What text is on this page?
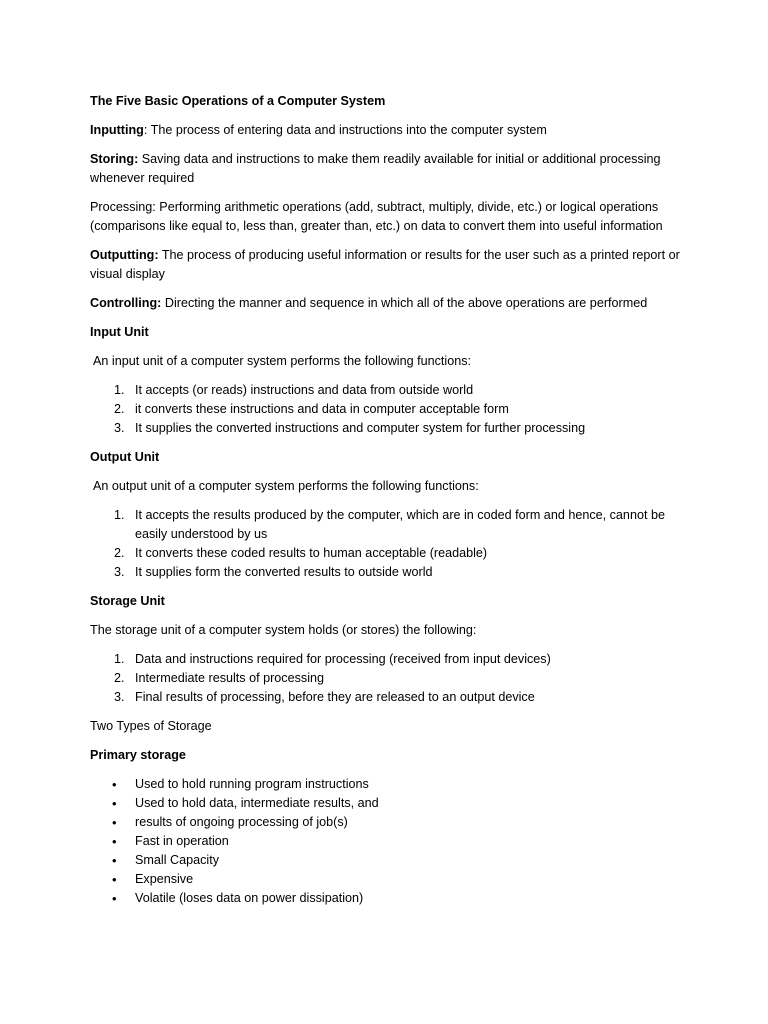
The Five Basic Operations of a Computer System

Inputting: The process of entering data and instructions into the computer system

Storing: Saving data and instructions to make them readily available for initial or additional processing whenever required

Processing: Performing arithmetic operations (add, subtract, multiply, divide, etc.) or logical operations (comparisons like equal to, less than, greater than, etc.) on data to convert them into useful information

Outputting: The process of producing useful information or results for the user such as a printed report or visual display

Controlling: Directing the manner and sequence in which all of the above operations are performed

Input Unit

An input unit of a computer system performs the following functions:

1. It accepts (or reads) instructions and data from outside world
2. it converts these instructions and data in computer acceptable form
3. It supplies the converted instructions and computer system for further processing

Output Unit

An output unit of a computer system performs the following functions:

1. It accepts the results produced by the computer, which are in coded form and hence, cannot be easily understood by us
2. It converts these coded results to human acceptable (readable)
3. It supplies form the converted results to outside world

Storage Unit

The storage unit of a computer system holds (or stores) the following:

1. Data and instructions required for processing (received from input devices)
2. Intermediate results of processing
3. Final results of processing, before they are released to an output device

Two Types of Storage

Primary storage

• Used to hold running program instructions
• Used to hold data, intermediate results, and
• results of ongoing processing of job(s)
• Fast in operation
• Small Capacity
• Expensive
• Volatile (loses data on power dissipation)
